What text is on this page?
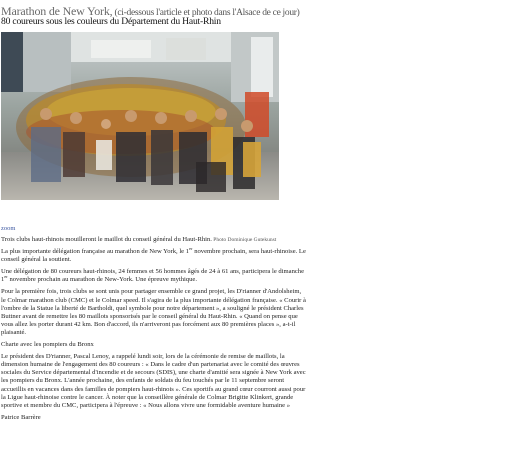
Marathon de New York, (ci-dessous l'article et photo dans l'Alsace de ce jour)
80 coureurs sous les couleurs du Département du Haut-Rhin
zoom

Trois clubs haut-rhinois mouilleront le maillot du conseil général du Haut-Rhin. Photo Dominique Gutekunst

La plus importante délégation française au marathon de New York, le 1er novembre prochain, sera haut-rhinoise. Le conseil général la soutient.

Une délégation de 80 coureurs haut-rhinois, 24 femmes et 56 hommes âgés de 24 à 61 ans, participera le dimanche 1er novembre prochain au marathon de New-York. Une épreuve mythique.

Pour la première fois, trois clubs se sont unis pour partager ensemble ce grand projet, les D'rianner d'Andolsheim, le Colmar marathon club (CMC) et le Colmar speed. Il s'agira de la plus importante délégation française. « Courir à l'ombre de la Statue la liberté de Bartholdi, quel symbole pour notre département », a souligné le président Charles Buttner avant de remettre les 80 maillots sponsorisés par le conseil général du Haut-Rhin. « Quand on pense que vous allez les porter durant 42 km. Bon d'accord, ils n'arriveront pas forcément aux 80 premières places », a-t-il plaisanté.

Charte avec les pompiers du Bronx

Le président des D'rianner, Pascal Lenoy, a rappelé lundi soir, lors de la cérémonie de remise de maillots, la dimension humaine de l'engagement des 80 coureurs : « Dans le cadre d'un partenariat avec le comité des œuvres sociales du Service départemental d'incendie et de secours (SDIS), une charte d'amitié sera signée à New York avec les pompiers du Bronx. L'année prochaine, des enfants de soldats du feu touchés par le 11 septembre seront accueillis en vacances dans des familles de pompiers haut-rhinois ». Ces sportifs au grand cœur courront aussi pour la Ligue haut-rhinoise contre le cancer. À noter que la conseillère générale de Colmar Brigitte Klinkert, grande sportive et membre du CMC, participera à l'épreuve : « Nous allons vivre une formidable aventure humaine »

Patrice Barrère
